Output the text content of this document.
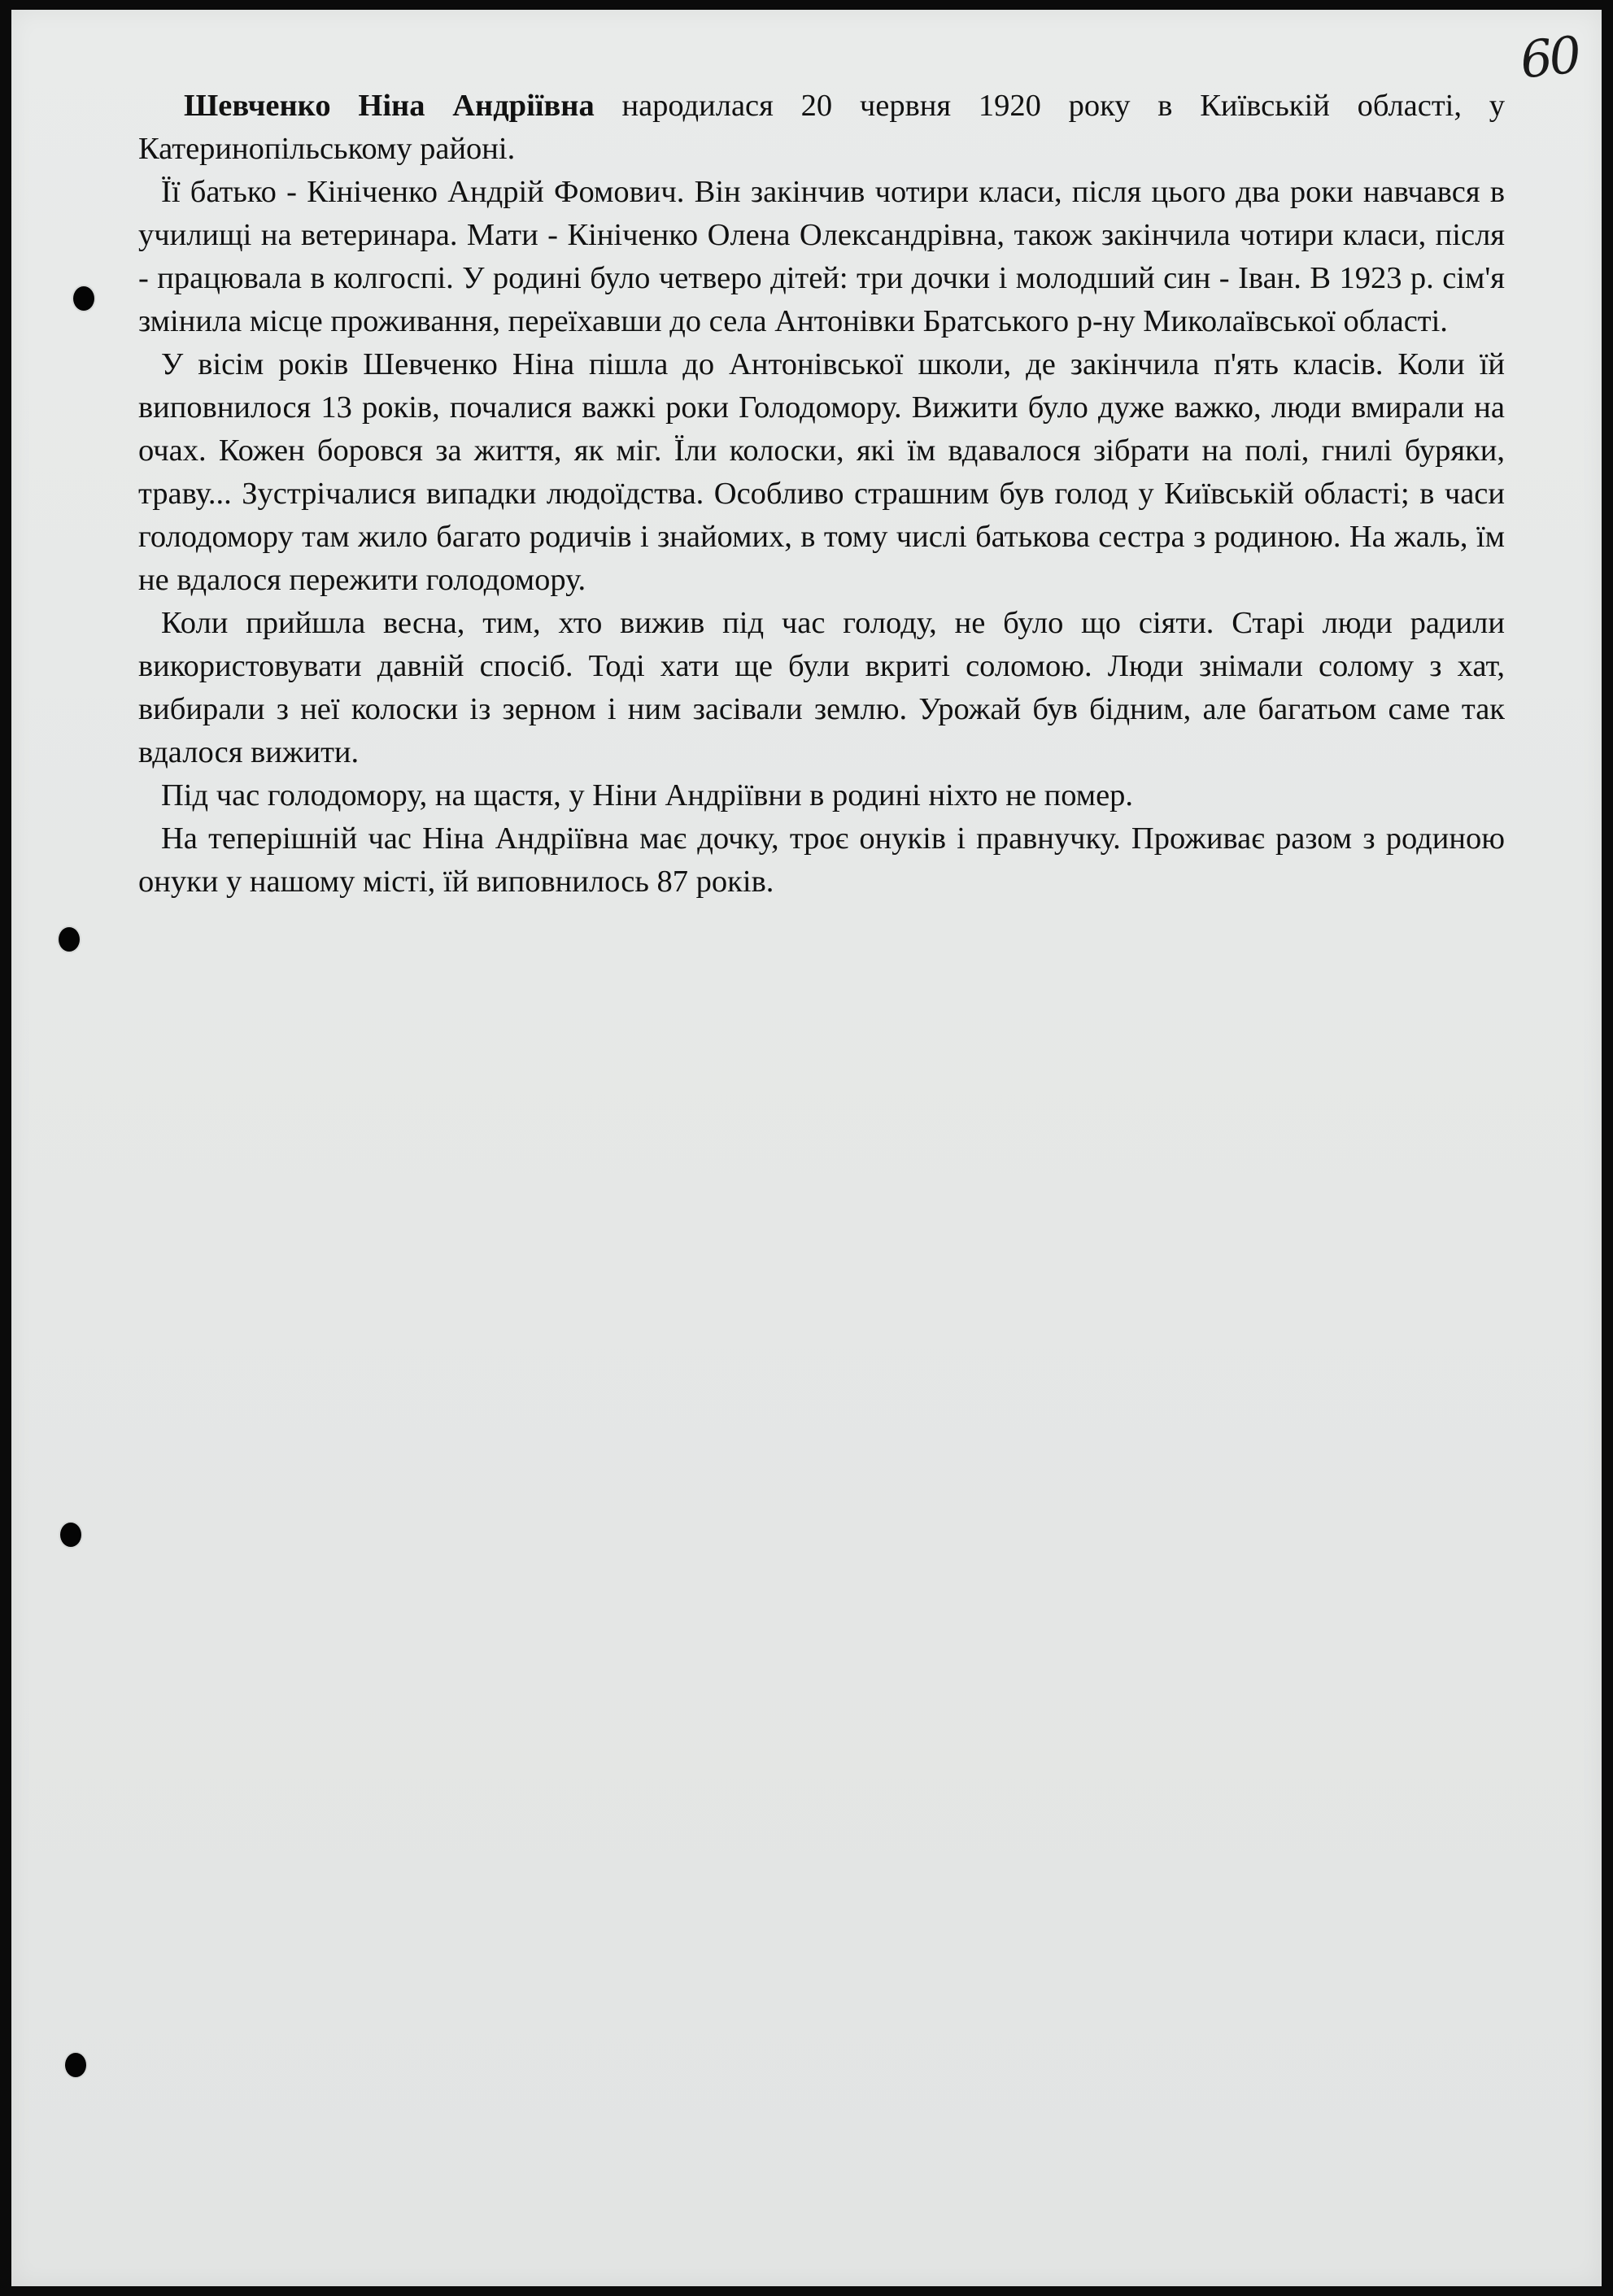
60

Шевченко Ніна Андріївна народилася 20 червня 1920 року в Київській області, у Катеринопільському районі.

Її батько - Кініченко Андрій Фомович. Він закінчив чотири класи, після цього два роки навчався в училищі на ветеринара. Мати - Кініченко Олена Олександрівна, також закінчила чотири класи, після - працювала в колгоспі. У родині було четверо дітей: три дочки і молодший син - Іван. В 1923 р. сім'я змінила місце проживання, переїхавши до села Антонівки Братського р-ну Миколаївської області.

У вісім років Шевченко Ніна пішла до Антонівської школи, де закінчила п'ять класів. Коли їй виповнилося 13 років, почалися важкі роки Голодомору. Вижити було дуже важко, люди вмирали на очах. Кожен боровся за життя, як міг. Їли колоски, які їм вдавалося зібрати на полі, гнилі буряки, траву... Зустрічалися випадки людоїдства. Особливо страшним був голод у Київській області; в часи голодомору там жило багато родичів і знайомих, в тому числі батькова сестра з родиною. На жаль, їм не вдалося пережити голодомору.

Коли прийшла весна, тим, хто вижив під час голоду, не було що сіяти. Старі люди радили використовувати давній спосіб. Тоді хати ще були вкриті соломою. Люди знімали солому з хат, вибирали з неї колоски із зерном і ним засівали землю. Урожай був бідним, але багатьом саме так вдалося вижити.

Під час голодомору, на щастя, у Ніни Андріївни в родині ніхто не помер.

На теперішній час Ніна Андріївна має дочку, троє онуків і правнучку. Проживає разом з родиною онуки у нашому місті, їй виповнилось 87 років.
